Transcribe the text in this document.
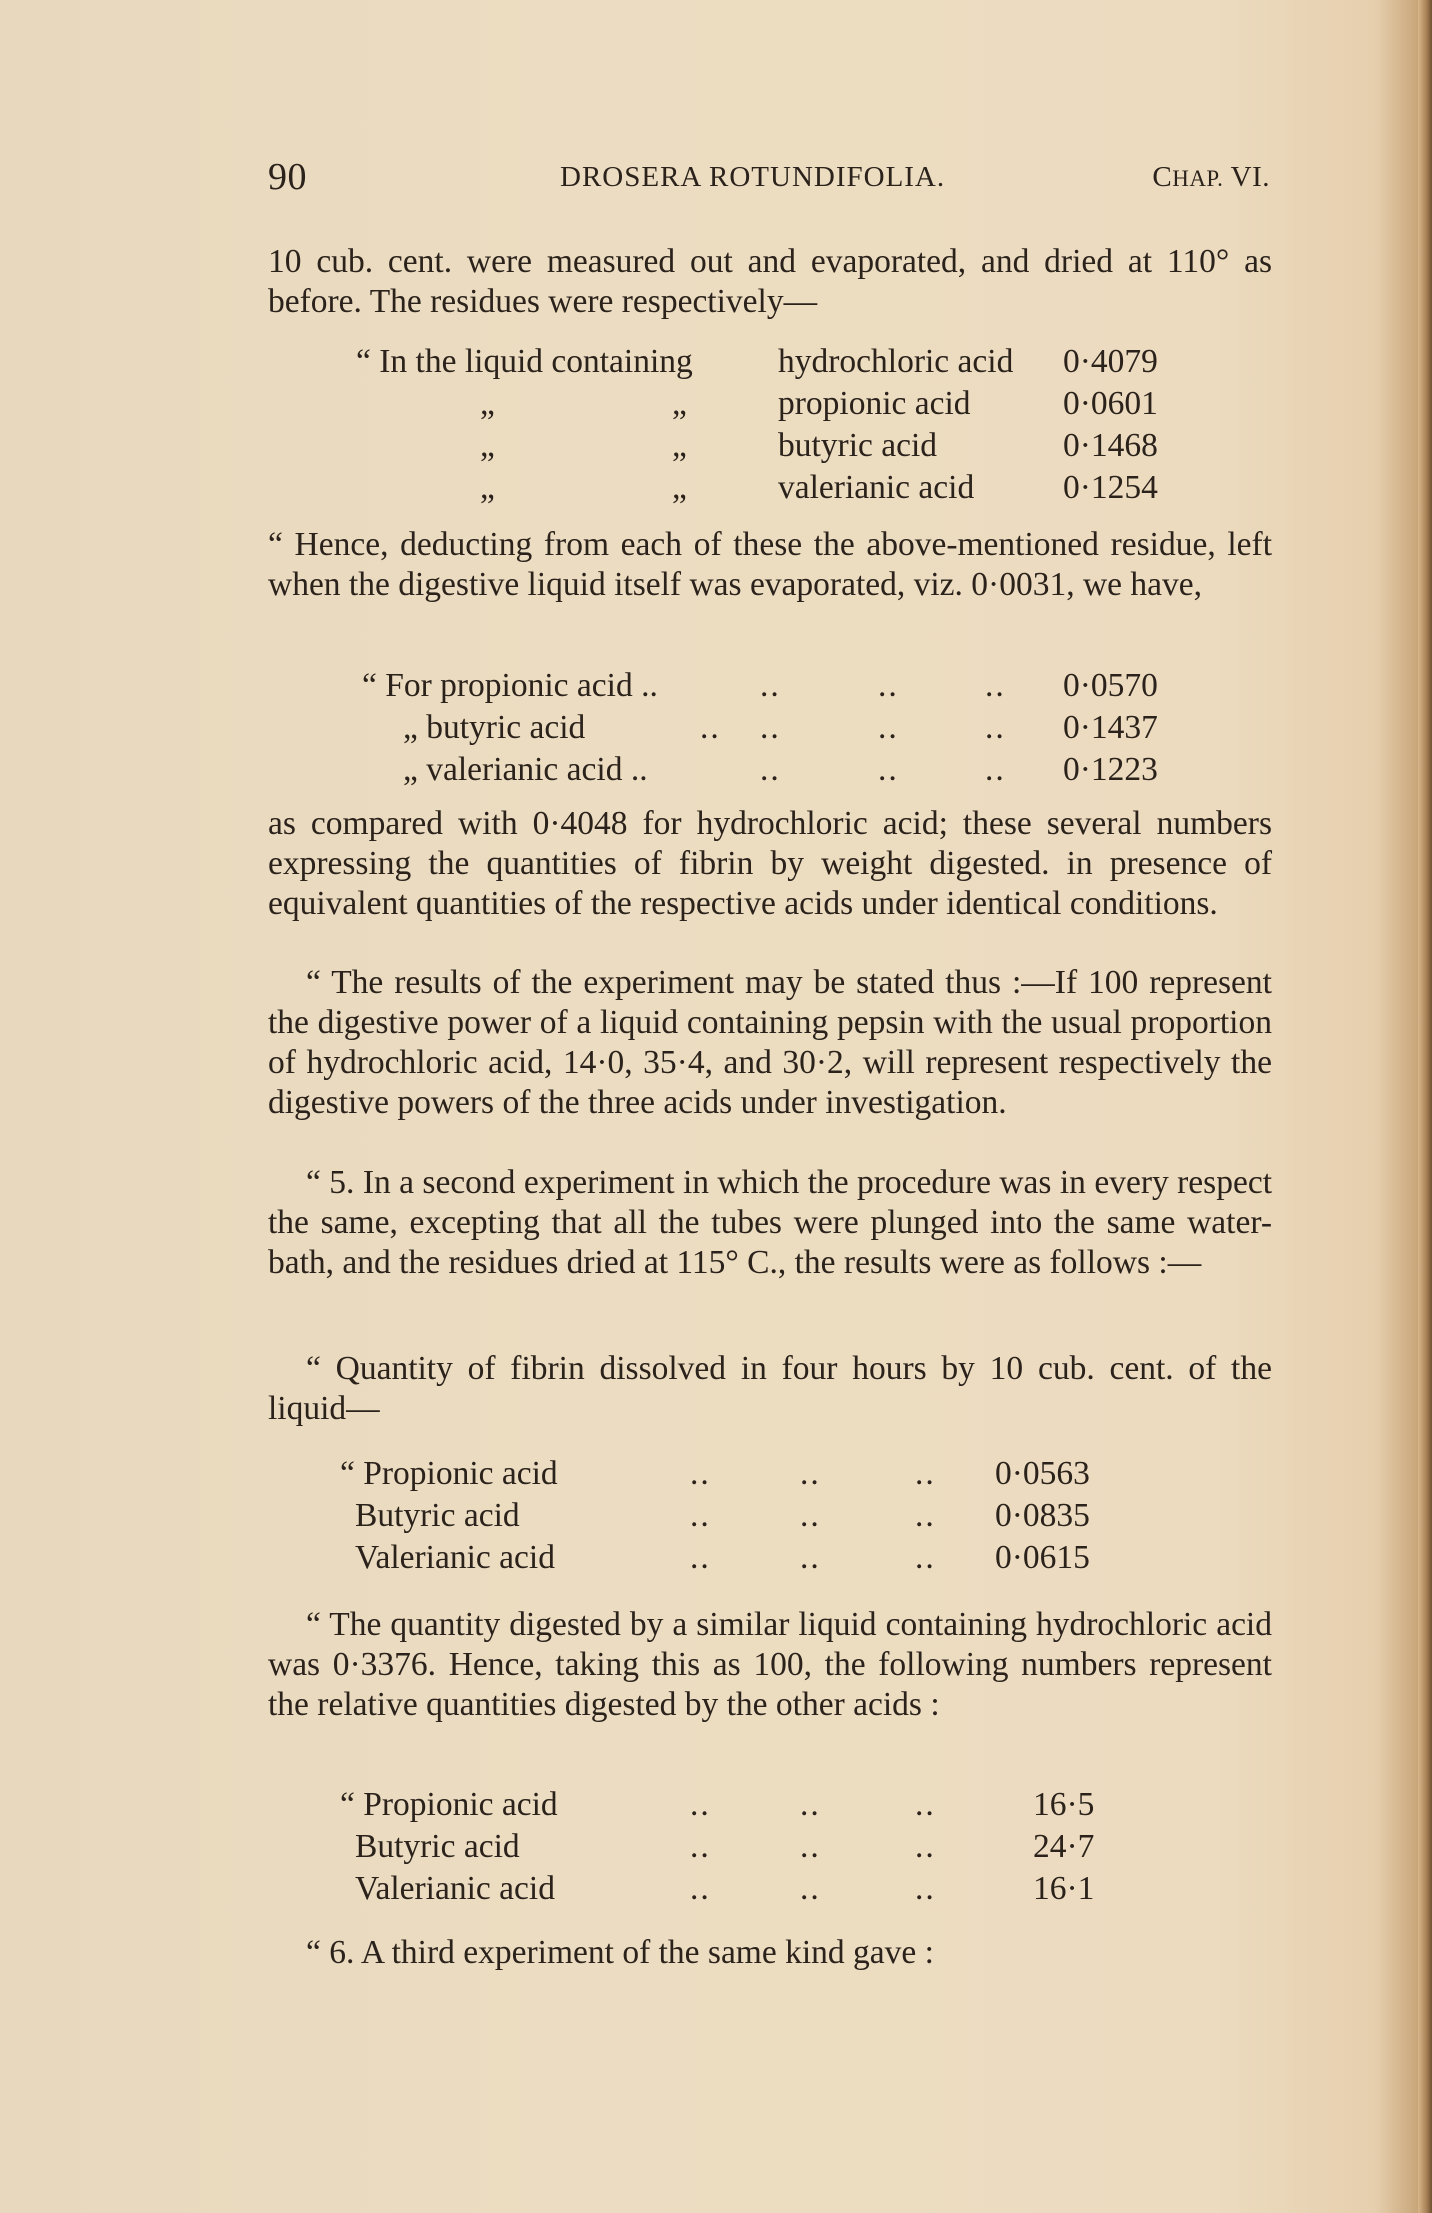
90	DROSERA ROTUNDIFOLIA.	CHAP. VI.

10 cub. cent. were measured out and evaporated, and dried at 110° as before. The residues were respectively—

“ In the liquid containing	hydrochloric acid 0·4079
„	„	propionic acid	0·0601
„	„	butyric acid	0·1468
„	„	valerianic acid	0·1254

“ Hence, deducting from each of these the above-mentioned residue, left when the digestive liquid itself was evaporated, viz. 0·0031, we have,

“ For propionic acid ..	..	..	.. 0·0570
„ butyric acid	.. ..	..	.. 0·1437
„ valerianic acid ..	..	..	.. 0·1223

as compared with 0·4048 for hydrochloric acid; these several numbers expressing the quantities of fibrin by weight digested. in presence of equivalent quantities of the respective acids under identical conditions.

“ The results of the experiment may be stated thus :—If 100 represent the digestive power of a liquid containing pepsin with the usual proportion of hydrochloric acid, 14·0, 35·4, and 30·2, will represent respectively the digestive powers of the three acids under investigation.

“ 5. In a second experiment in which the procedure was in every respect the same, excepting that all the tubes were plunged into the same water-bath, and the residues dried at 115° C., the results were as follows :—

“ Quantity of fibrin dissolved in four hours by 10 cub. cent. of the liquid—

“ Propionic acid	..	..	.. 0·0563
Butyric acid	..	..	.. 0·0835
Valerianic acid	..	..	.. 0·0615

“ The quantity digested by a similar liquid containing hydrochloric acid was 0·3376. Hence, taking this as 100, the following numbers represent the relative quantities digested by the other acids :

“ Propionic acid	..	..	..	16·5
Butyric acid	..	..	..	24·7
Valerianic acid	..	..	..	16·1

“ 6. A third experiment of the same kind gave :
